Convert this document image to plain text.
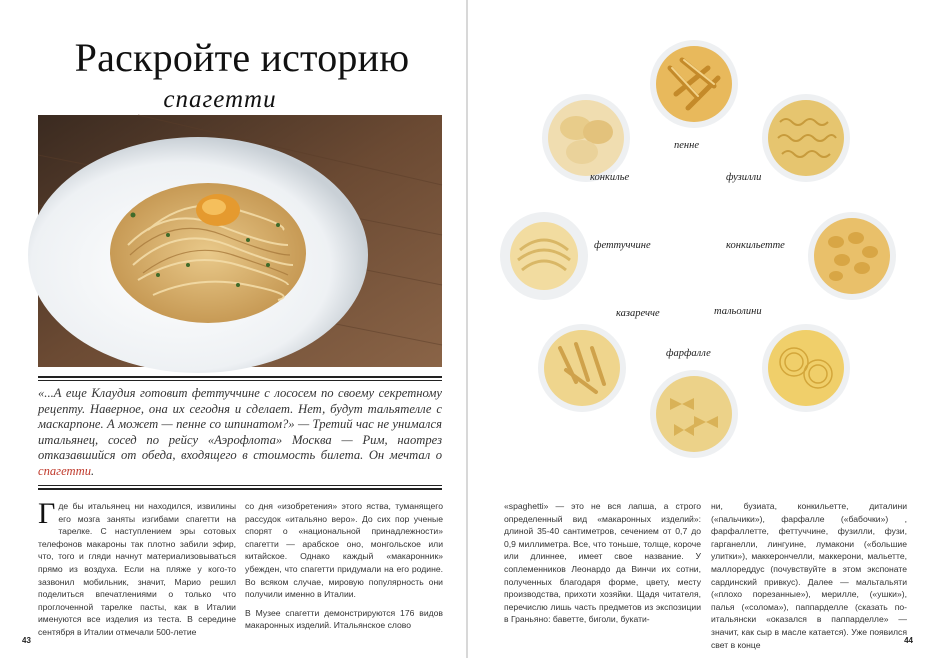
Раскройте историю
спагетти
«...А еще Клаудия готовит феттуччине с лососем по своему секретному рецепту. Наверное, она их сегодня и сделает. Нет, будут тальятелле с маскарпоне. А может — пенне со шпинатом?» — Третий час не унимался итальянец, сосед по рейсу «Аэрофлота» Москва — Рим, наотрез отказавшийся от обеда, входящего в стоимость билета. Он мечтал о спагетти.
Где бы итальянец ни находился, извилины его мозга заняты изгибами спагетти на тарелке. С наступлением эры сотовых телефонов макароны так плотно забили эфир, что, того и гляди начнут материализовываться прямо из воздуха. Если на пляже у кого-то зазвонил мобильник, значит, Марио решил поделиться впечатлениями о только что проглоченной тарелке пасты, как в Италии именуются все изделия из теста. В середине сентября в Италии отмечали 500-летие

со дня «изобретения» этого яства, туманящего рассудок «итальяно веро». До сих пор ученые спорят о «национальной принадлежности» спагетти — арабское оно, монгольское или китайское. Однако каждый «макаронник» убежден, что спагетти придумали на его родине. Во всяком случае, мировую популярность они получили именно в Италии.

В Музее спагетти демонстрируются 176 видов макаронных изделий. Итальянское слово

43
пенне
конкилье	фузилли
феттуччине	конкильетте
казаречче	тальолини
фарфалле
«spaghetti» — это не вся лапша, а строго определенный вид «макаронных изделий»: длиной 35-40 сантиметров, сечением от 0,7 до 0,9 миллиметра. Все, что тоньше, толще, короче или длиннее, имеет свое название. У соплеменников Леонардо да Винчи их сотни, полученных благодаря форме, цвету, месту производства, прихоти хозяйки. Щадя читателя, перечислю лишь часть предметов из экспозиции в Граньяно: баветте, биголи, букати-
ни, бузиата, конкильетте, диталини («пальчики»), фарфалле («бабочки») , фарфаллетте, феттуччине, фузилли, фузи, гарганелли, лингуине, лумакони («большие улитки»), маккерончелли, маккерони, мальетте, маллореддус (почувствуйте в этом экспонате сардинский привкус). Далее — мальтальяти («плохо порезанные»), мерилле, («ушки»), палья («солома»), паппарделле (сказать по-итальянски «оказался в паппарделле» — значит, как сыр в масле катается). Уже появился свет в конце	44
